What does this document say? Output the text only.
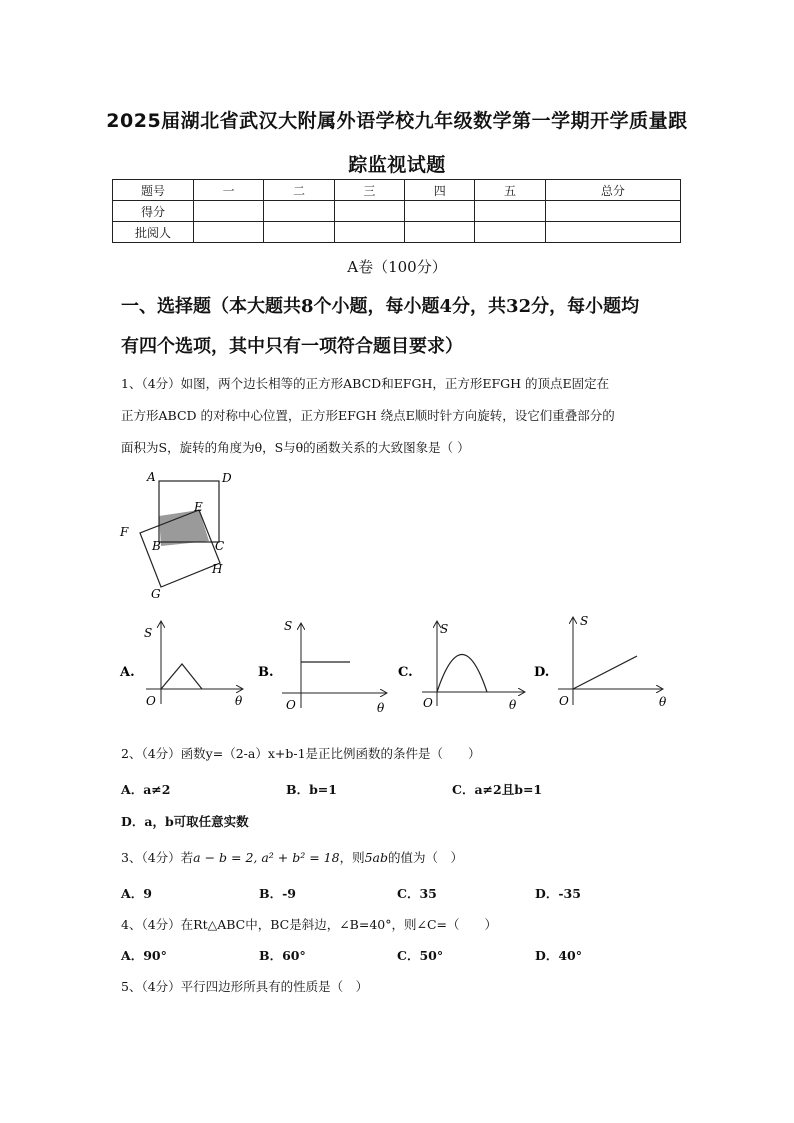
2025届湖北省武汉大附属外语学校九年级数学第一学期开学质量跟
踪监视试题
题号	一	二	三	四	五	总分
得分						
批阅人						
A卷（100分）
一、选择题（本大题共8个小题，每小题4分，共32分，每小题均
有四个选项，其中只有一项符合题目要求）
1、（4分）如图，两个边长相等的正方形ABCD和EFGH，正方形EFGH 的顶点E固定在
正方形ABCD 的对称中心位置，正方形EFGH 绕点E顺时针方向旋转，设它们重叠部分的
面积为S，旋转的角度为θ，S与θ的函数关系的大致图象是（ ）
A	D
E
F
B	C
H
G
A.
S
θ
O
B.
S
θ
O
C.
S
θ
O
D.
S
θ
O
2、（4分）函数y=（2-a）x+b-1是正比例函数的条件是（　　）
A．a≠2	B．b=1	C．a≠2且b=1
D．a，b可取任意实数
3、（4分）若a − b = 2, a² + b² = 18，则5ab的值为（　）
A．9	B．-9	C．35	D．-35
4、（4分）在Rt△ABC中，BC是斜边，∠B=40°，则∠C=（　　）
A．90°	B．60°	C．50°	D．40°
5、（4分）平行四边形所具有的性质是（　）
